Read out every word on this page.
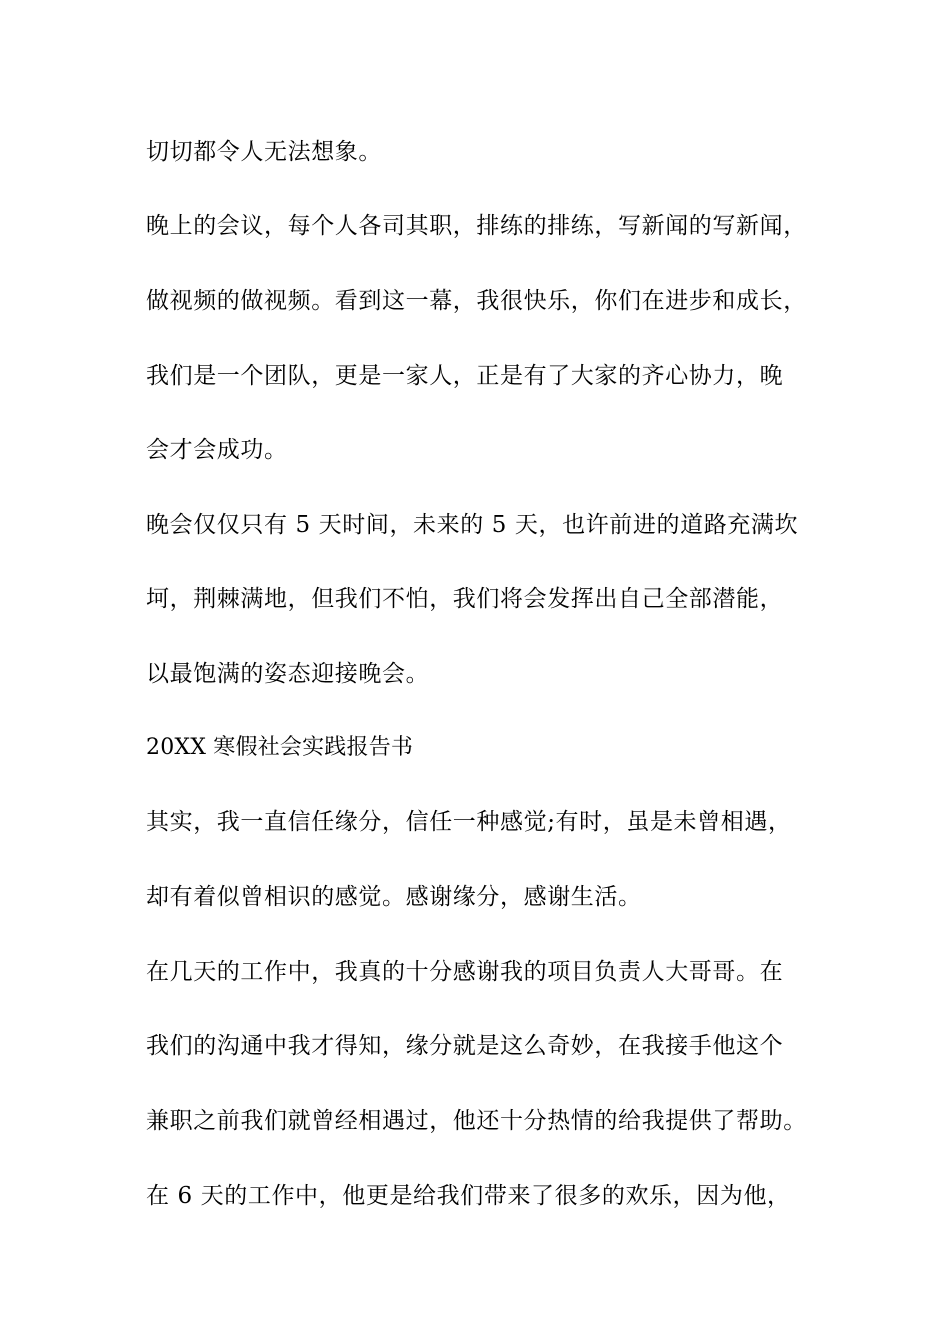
切切都令人无法想象。
晚上的会议，每个人各司其职，排练的排练，写新闻的写新闻，
做视频的做视频。看到这一幕，我很快乐，你们在进步和成长，
我们是一个团队，更是一家人，正是有了大家的齐心协力，晚
会才会成功。
晚会仅仅只有 5 天时间，未来的 5 天，也许前进的道路充满坎
坷，荆棘满地，但我们不怕，我们将会发挥出自己全部潜能，
以最饱满的姿态迎接晚会。
20XX 寒假社会实践报告书
其实，我一直信任缘分，信任一种感觉;有时，虽是未曾相遇，
却有着似曾相识的感觉。感谢缘分，感谢生活。
在几天的工作中，我真的十分感谢我的项目负责人大哥哥。在
我们的沟通中我才得知，缘分就是这么奇妙，在我接手他这个
兼职之前我们就曾经相遇过，他还十分热情的给我提供了帮助。
在 6 天的工作中，他更是给我们带来了很多的欢乐，因为他，
